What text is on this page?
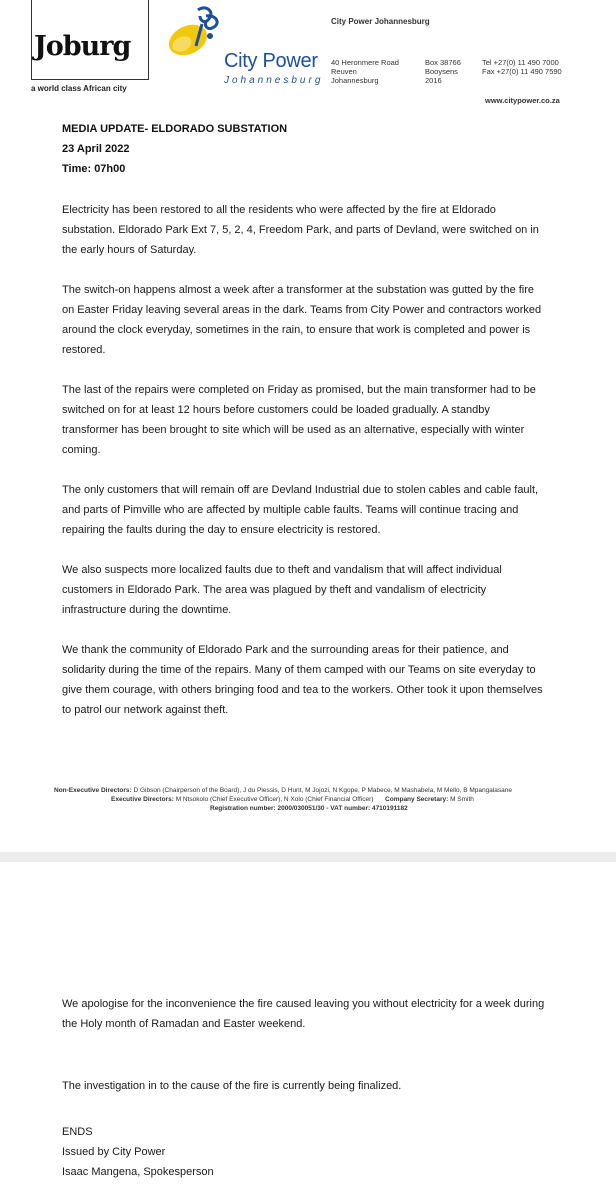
Joburg
a world class African city
City Power
Johannesburg
City Power Johannesburg
40 Heronmere Road
Reuven
Johannesburg
Box 38766
Booysens
2016
Tel +27(0) 11 490 7000
Fax +27(0) 11 490 7590
www.citypower.co.za
MEDIA UPDATE- ELDORADO SUBSTATION
23 April 2022
Time: 07h00
Electricity has been restored to all the residents who were affected by the fire at Eldorado
substation. Eldorado Park Ext 7, 5, 2, 4, Freedom Park, and parts of Devland, were switched on in
the early hours of Saturday.
The switch-on happens almost a week after a transformer at the substation was gutted by the fire
on Easter Friday leaving several areas in the dark. Teams from City Power and contractors worked
around the clock everyday, sometimes in the rain, to ensure that work is completed and power is
restored.
The last of the repairs were completed on Friday as promised, but the main transformer had to be
switched on for at least 12 hours before customers could be loaded gradually. A standby
transformer has been brought to site which will be used as an alternative, especially with winter
coming.
The only customers that will remain off are Devland Industrial due to stolen cables and cable fault,
and parts of Pimville who are affected by multiple cable faults. Teams will continue tracing and
repairing the faults during the day to ensure electricity is restored.
We also suspects more localized faults due to theft and vandalism that will affect individual
customers in Eldorado Park. The area was plagued by theft and vandalism of electricity
infrastructure during the downtime.
We thank the community of Eldorado Park and the surrounding areas for their patience, and
solidarity during the time of the repairs. Many of them camped with our Teams on site everyday to
give them courage, with others bringing food and tea to the workers. Other took it upon themselves
to patrol our network against theft.
Non-Executive Directors: D Gibson (Chairperson of the Board), J du Plessis, D Hunt, M Jojozi, N Kgope, P Mabece, M Mashabela, M Mello, B Mpangalasane
Executive Directors: M Ntsokolo (Chief Executive Officer), N Xolo (Chief Financial Officer) Company Secretary: M Smith
Registration number: 2000/030051/30 - VAT number: 4710191182
We apologise for the inconvenience the fire caused leaving you without electricity for a week during
the Holy month of Ramadan and Easter weekend.
The investigation in to the cause of the fire is currently being finalized.
ENDS
Issued by City Power
Isaac Mangena, Spokesperson
